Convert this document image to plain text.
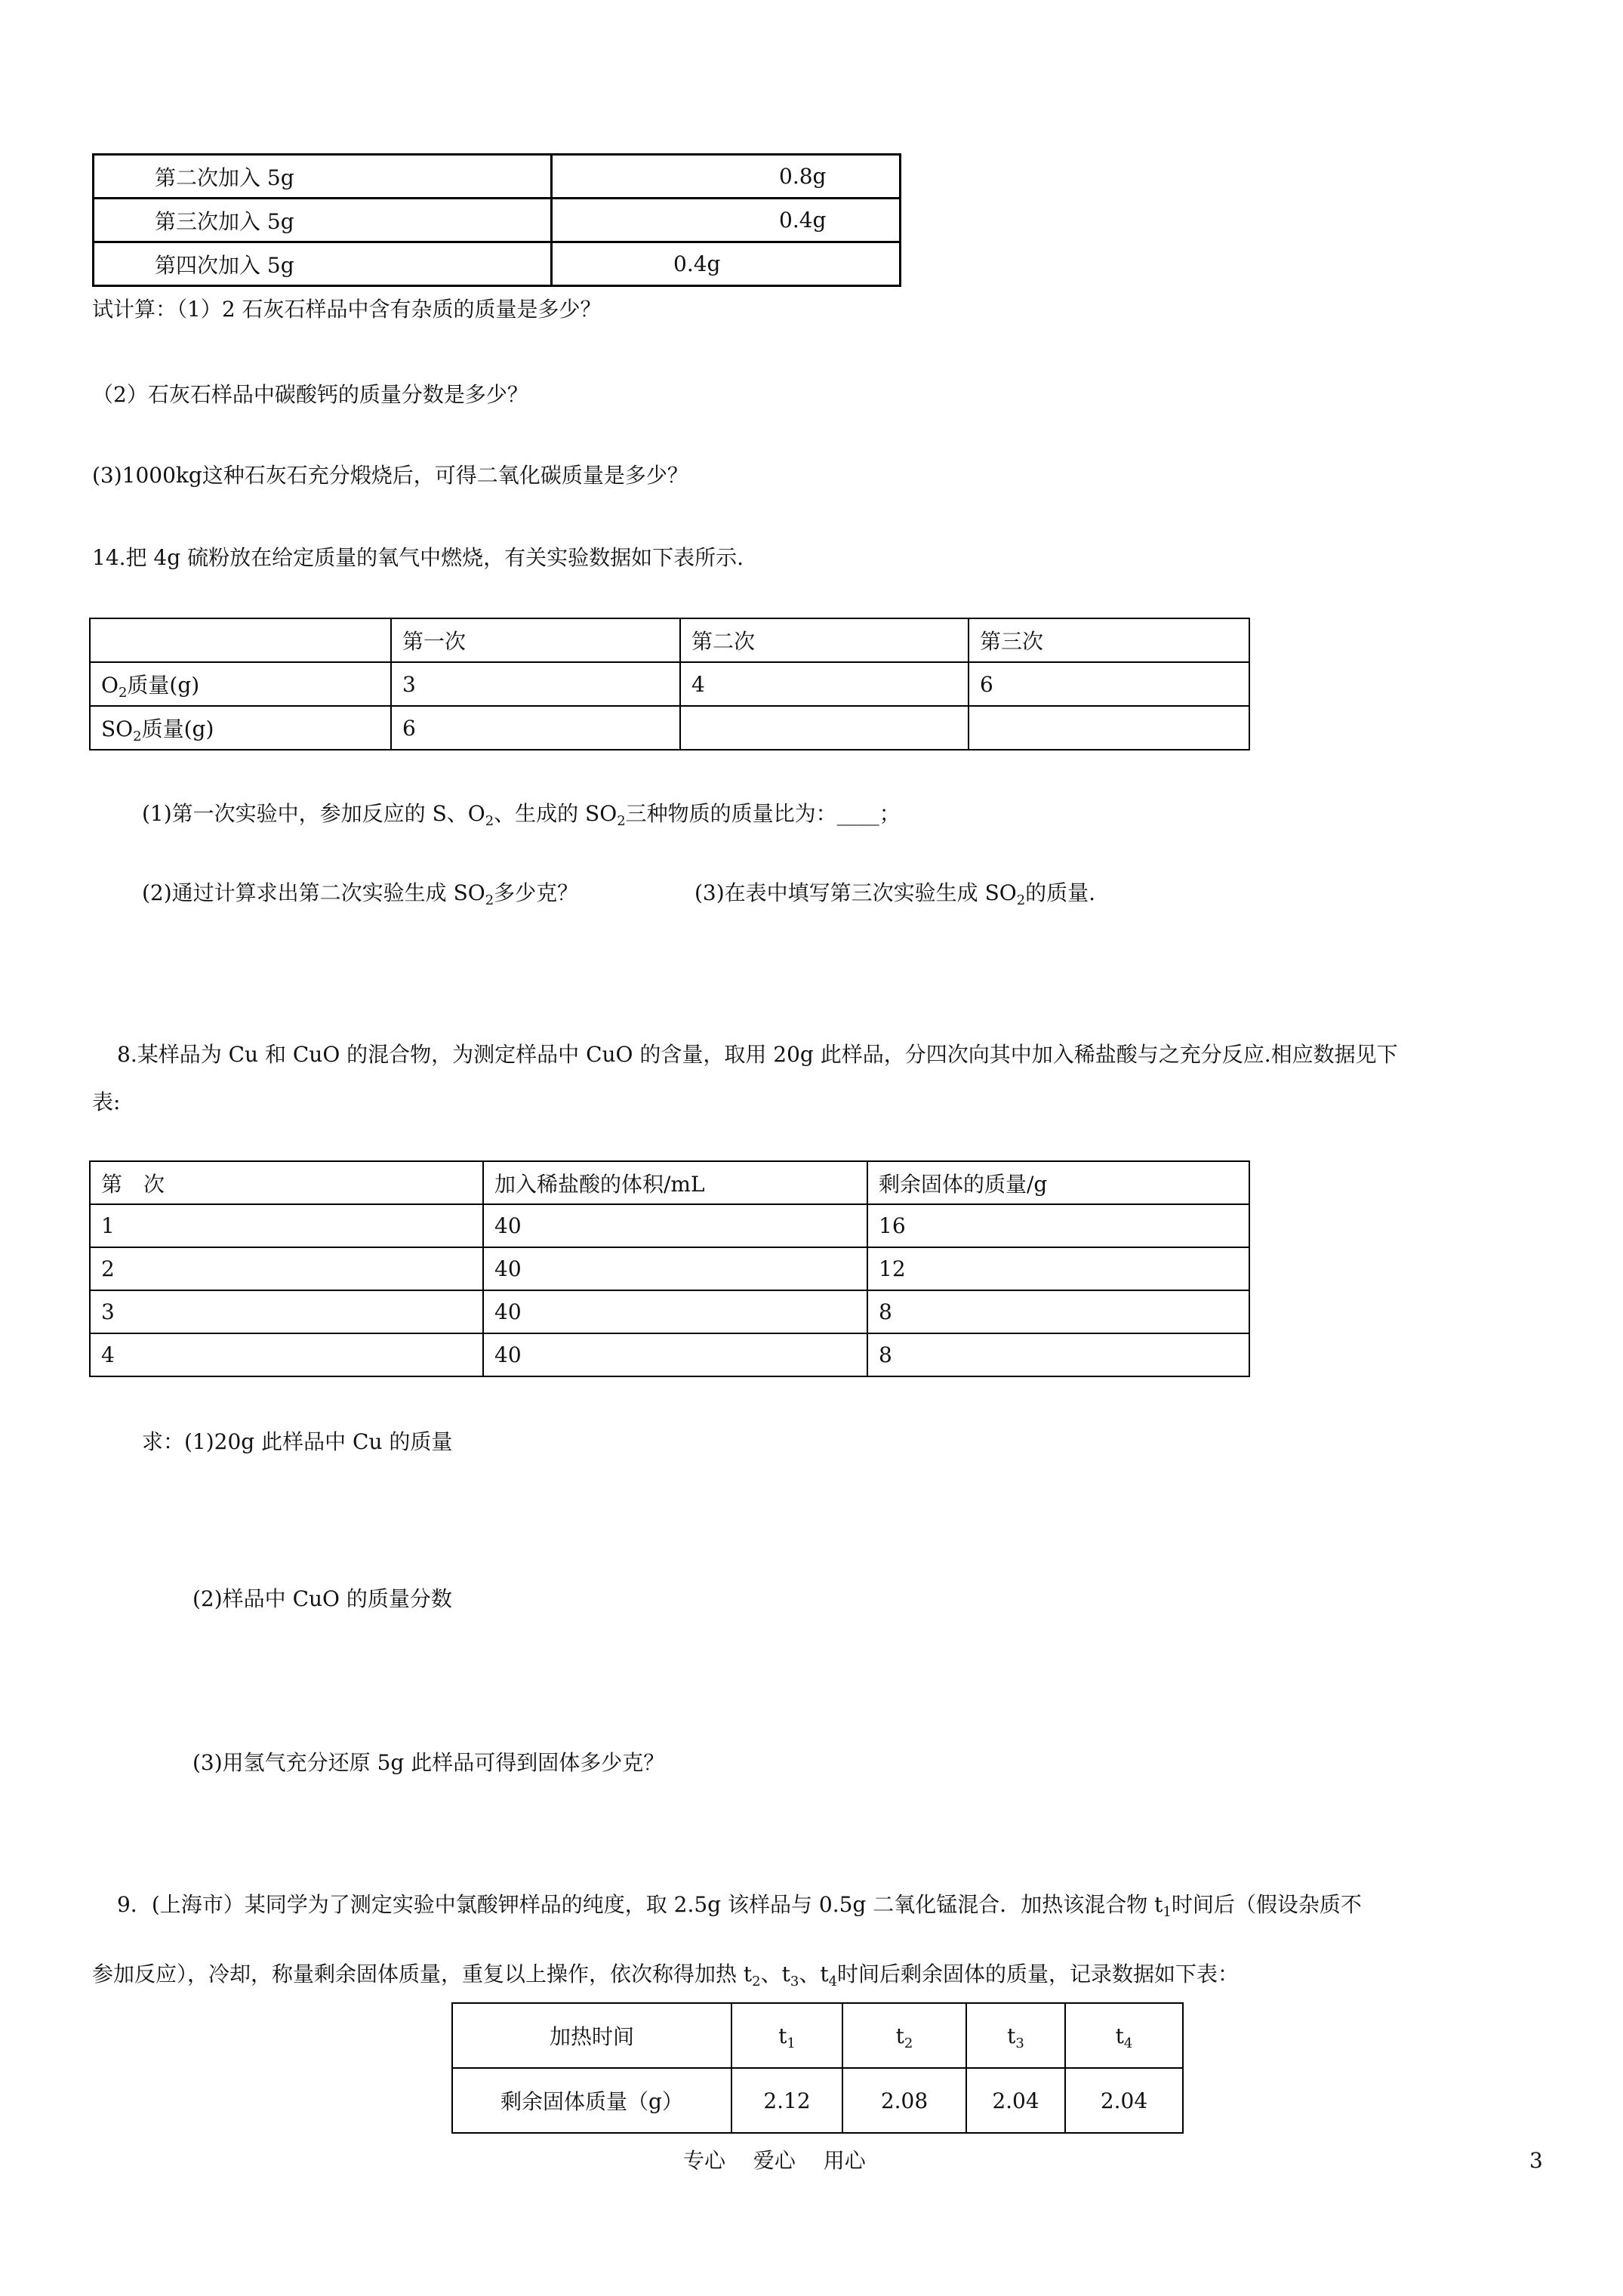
第二次加入 5g	0.8g
第三次加入 5g	0.4g
第四次加入 5g	0.4g
试计算：（1）2 石灰石样品中含有杂质的质量是多少？
（2）石灰石样品中碳酸钙的质量分数是多少？
(3)1000kg这种石灰石充分煅烧后，可得二氧化碳质量是多少？
14.把 4g 硫粉放在给定质量的氧气中燃烧，有关实验数据如下表所示.
	第一次	第二次	第三次
$O_2$质量(g)	3	4	6
$SO_2$质量(g)	6		
(1)第一次实验中，参加反应的 S、$O_2$、生成的 $SO_2$三种物质的质量比为：____；
(2)通过计算求出第二次实验生成 $SO_2$多少克？	(3)在表中填写第三次实验生成 $SO_2$的质量.
8.某样品为 Cu 和 CuO 的混合物，为测定样品中 CuO 的含量，取用 20g 此样品，分四次向其中加入稀盐酸与之充分反应.相应数据见下
表:
第　次	加入稀盐酸的体积/mL	剩余固体的质量/g
1	40	16
2	40	12
3	40	8
4	40	8
求：(1)20g 此样品中 Cu 的质量
(2)样品中 CuO 的质量分数
(3)用氢气充分还原 5g 此样品可得到固体多少克？
9．(上海市）某同学为了测定实验中氯酸钾样品的纯度，取 2.5g 该样品与 0.5g 二氧化锰混合．加热该混合物 $t_1$时间后（假设杂质不
参加反应），冷却，称量剩余固体质量，重复以上操作，依次称得加热 $t_2$、$t_3$、$t_4$时间后剩余固体的质量，记录数据如下表：
加热时间	$t_1$	$t_2$	$t_3$	$t_4$
剩余固体质量（g）	2.12	2.08	2.04	2.04
专心　 爱心　 用心	3
